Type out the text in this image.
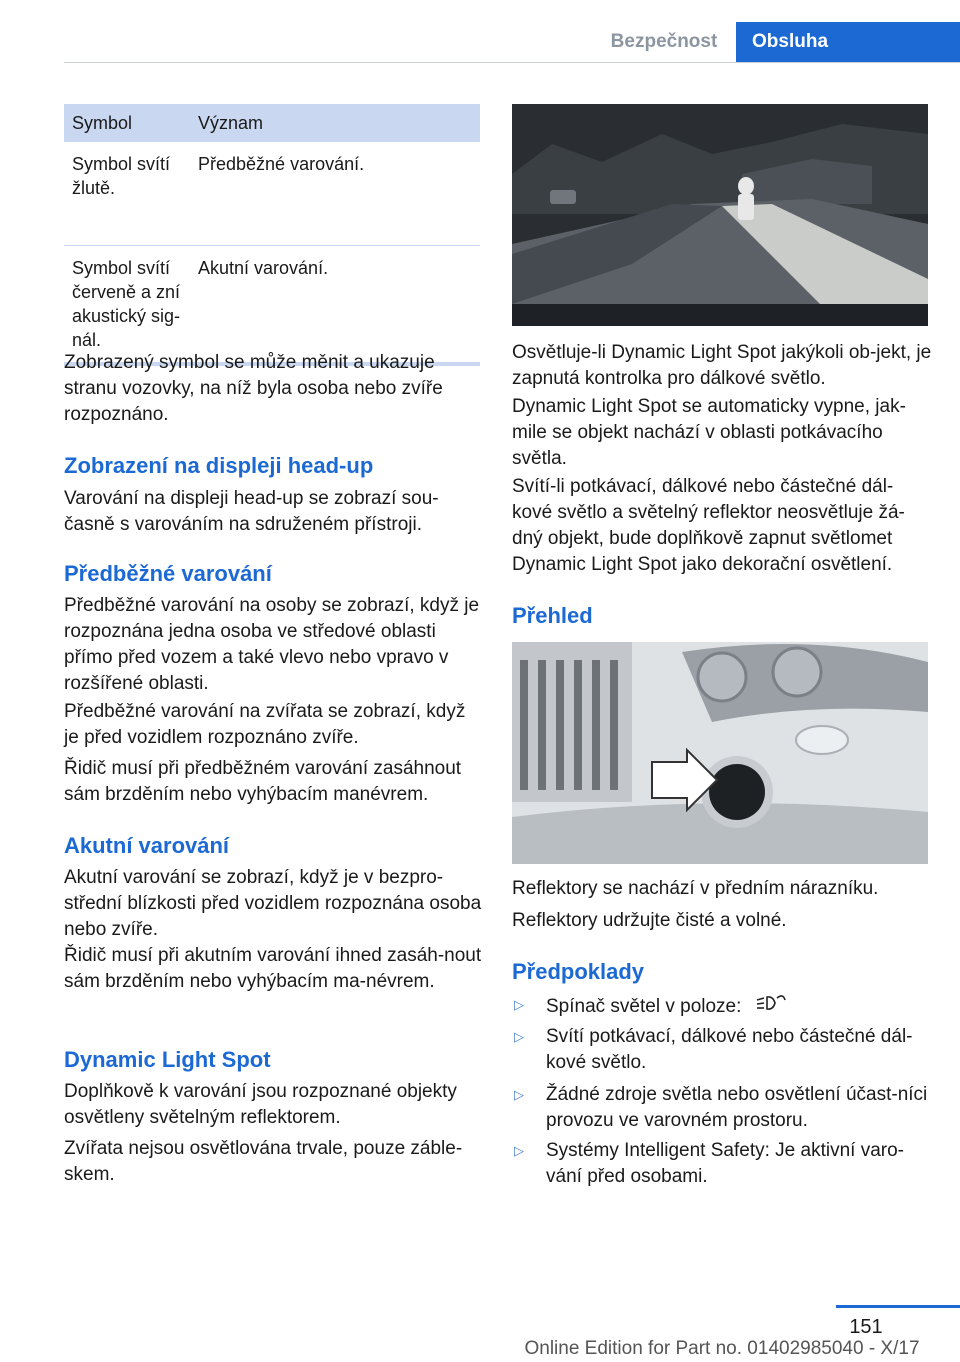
Bezpečnost	Obsluha
Symbol	Význam
Symbol svítí žlutě.
Předběžné varování.
Symbol svítí červeně a zní akustický sig-nál.
Akutní varování.
Zobrazený symbol se může měnit a ukazuje stranu vozovky, na níž byla osoba nebo zvíře rozpoznáno.
Zobrazení na displeji head-up
Varování na displeji head-up se zobrazí sou-časně s varováním na sdruženém přístroji.
Předběžné varování
Předběžné varování na osoby se zobrazí, když je rozpoznána jedna osoba ve středové oblasti přímo před vozem a také vlevo nebo vpravo v rozšířené oblasti.
Předběžné varování na zvířata se zobrazí, když je před vozidlem rozpoznáno zvíře.
Řidič musí při předběžném varování zasáhnout sám brzděním nebo vyhýbacím manévrem.
Akutní varování
Akutní varování se zobrazí, když je v bezpro-střední blízkosti před vozidlem rozpoznána osoba nebo zvíře.
Řidič musí při akutním varování ihned zasáh-nout sám brzděním nebo vyhýbacím ma-névrem.
Dynamic Light Spot
Doplňkově k varování jsou rozpoznané objekty osvětleny světelným reflektorem.
Zvířata nejsou osvětlována trvale, pouze záble-skem.
Osvětluje-li Dynamic Light Spot jakýkoli ob-jekt, je zapnutá kontrolka pro dálkové světlo.
Dynamic Light Spot se automaticky vypne, jak-mile se objekt nachází v oblasti potkávacího světla.
Svítí-li potkávací, dálkové nebo částečné dál-kové světlo a světelný reflektor neosvětluje žá-dný objekt, bude doplňkově zapnut světlomet Dynamic Light Spot jako dekorační osvětlení.
Přehled
Reflektory se nachází v předním nárazníku.
Reflektory udržujte čisté a volné.
Předpoklady
▷ Spínač světel v poloze:
▷ Svítí potkávací, dálkové nebo částečné dál-kové světlo.
▷ Žádné zdroje světla nebo osvětlení účast-níci provozu ve varovném prostoru.
▷ Systémy Intelligent Safety: Je aktivní varo-vání před osobami.
151
Online Edition for Part no. 01402985040 - X/17
